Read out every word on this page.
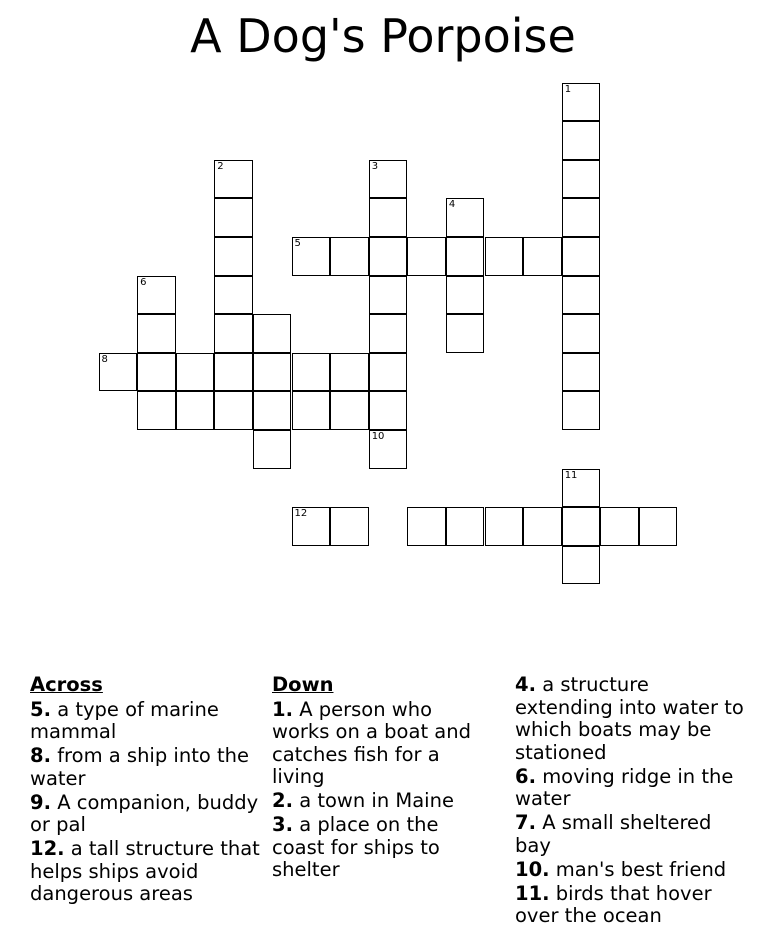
A Dog's Porpoise
1
2	3
4
5
6
8
10
11
12
Across
5. a type of marine mammal
8. from a ship into the water
9. A companion, buddy or pal
12. a tall structure that helps ships avoid dangerous areas
Down
1. A person who works on a boat and catches fish for a living
2. a town in Maine
3. a place on the coast for ships to shelter
4. a structure extending into water to which boats may be stationed
6. moving ridge in the water
7. A small sheltered bay
10. man's best friend
11. birds that hover over the ocean
